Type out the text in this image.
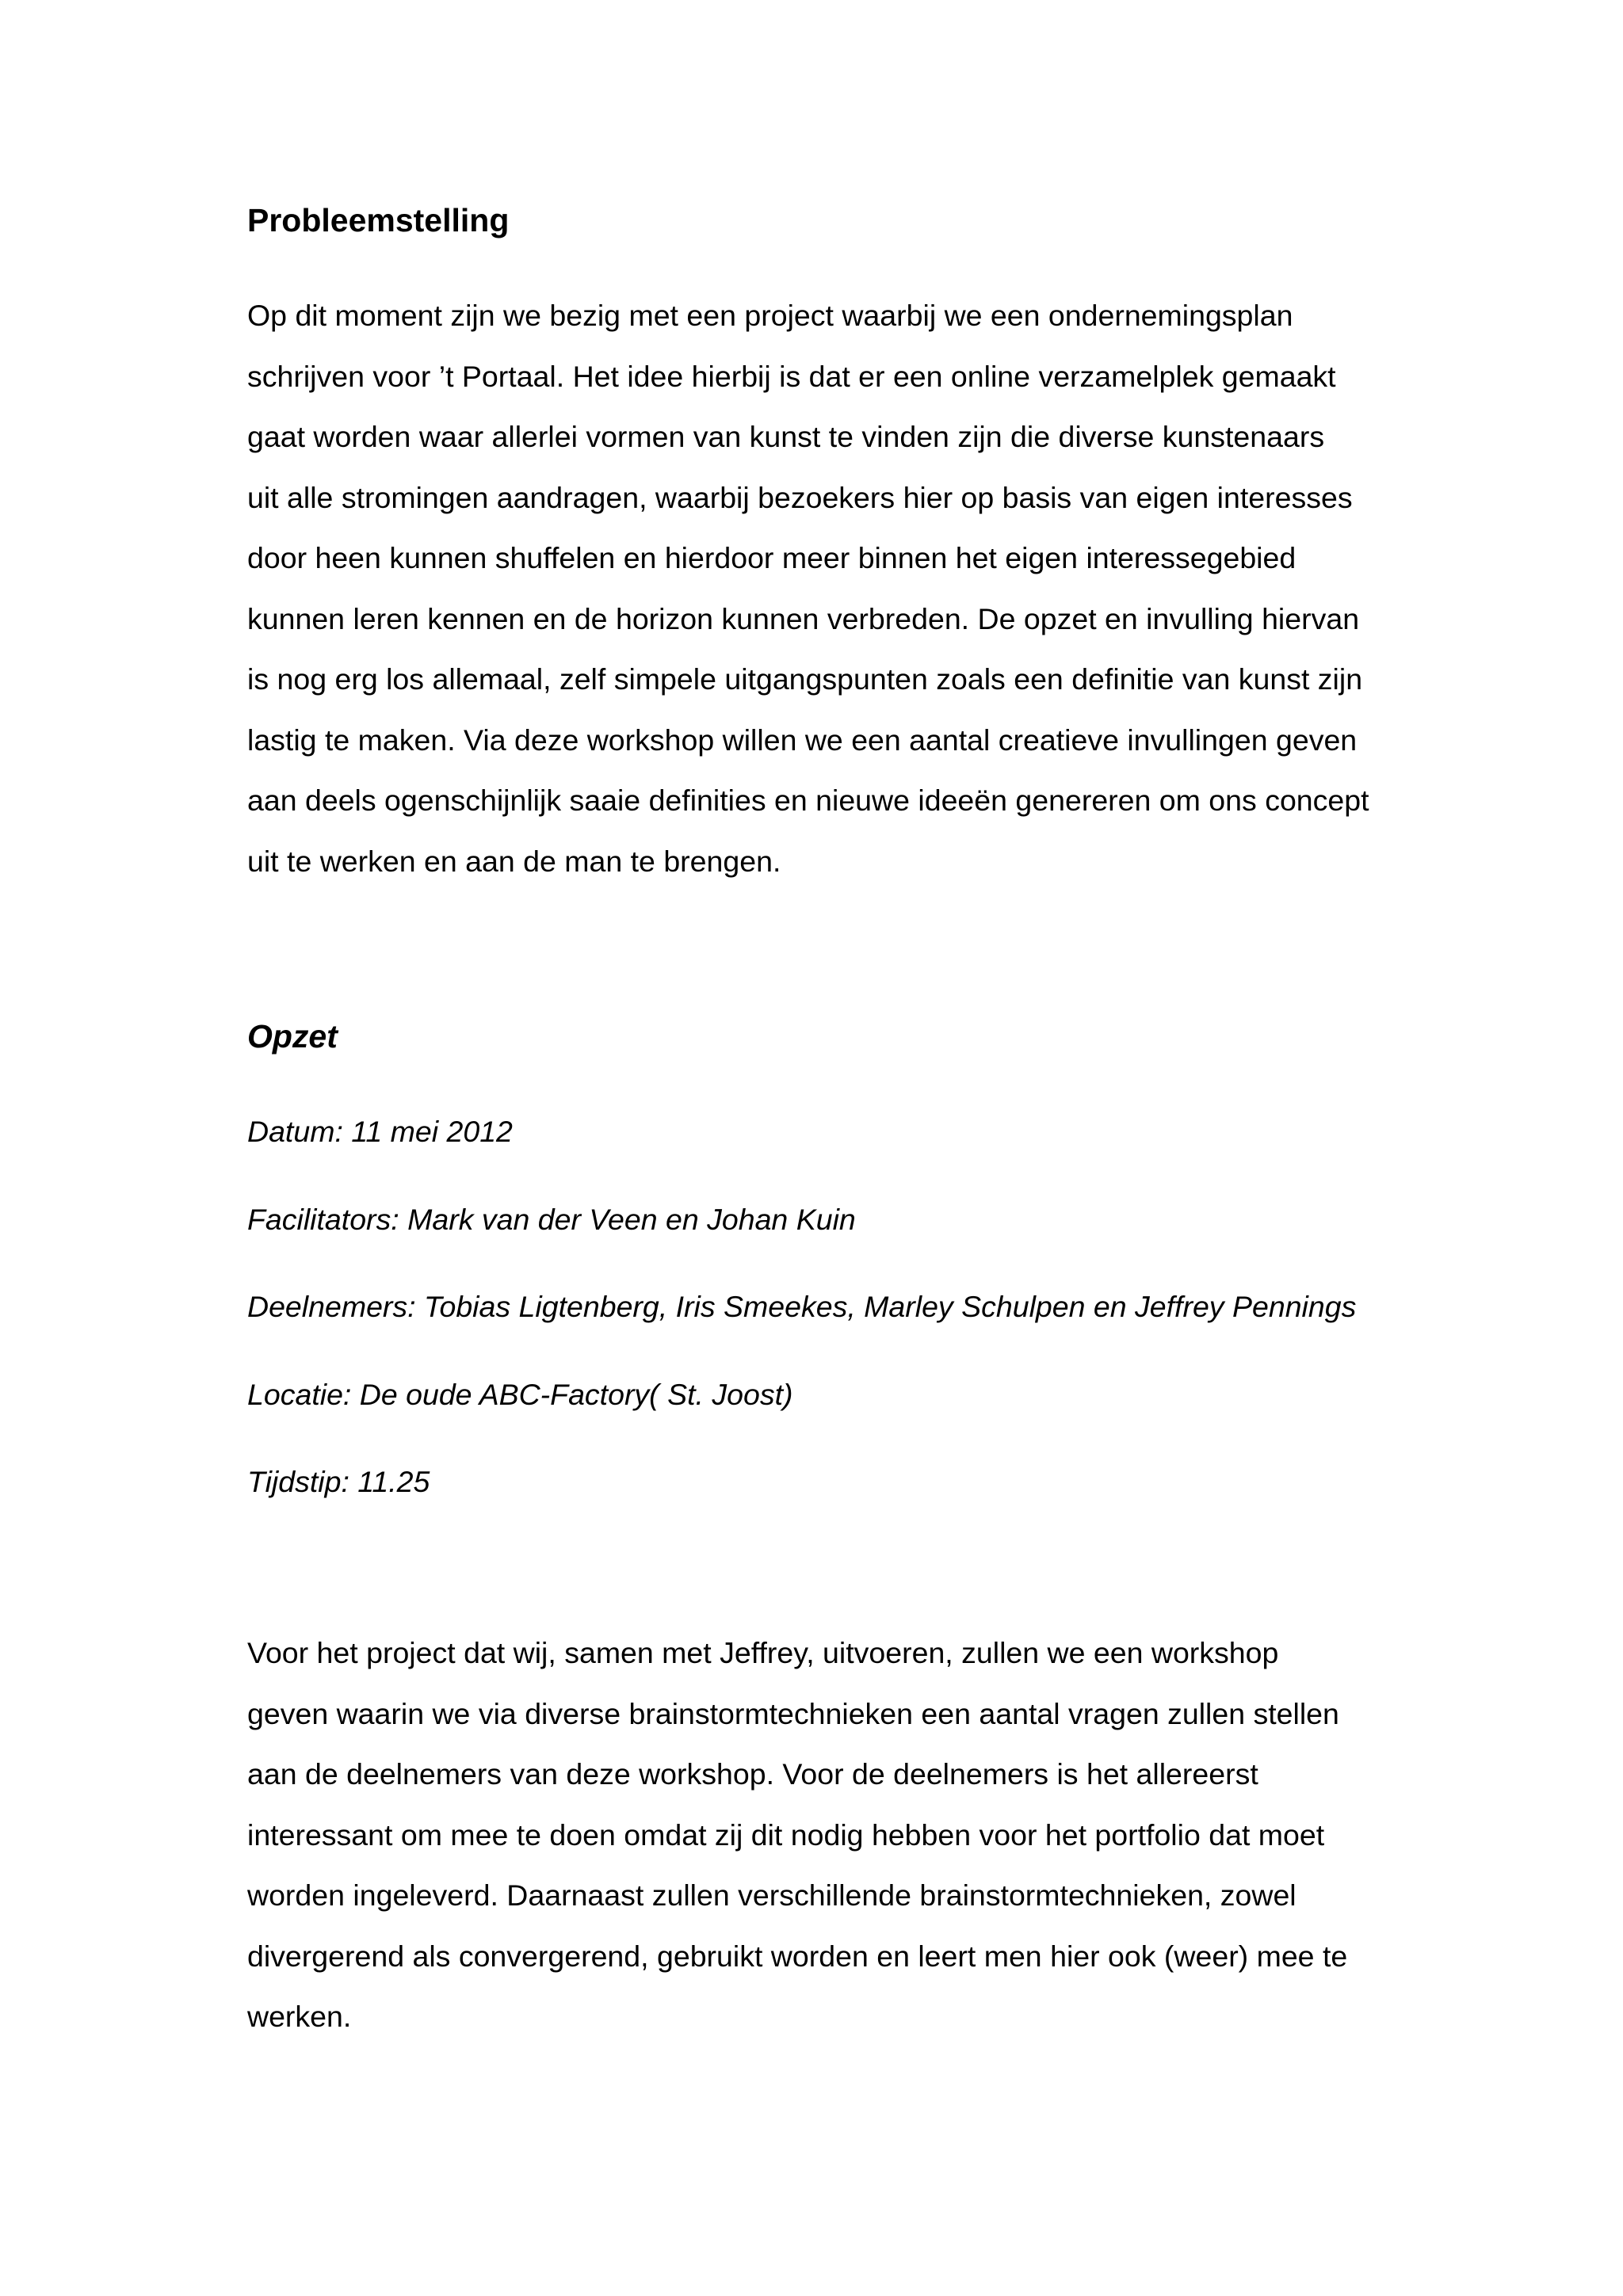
Probleemstelling
Op dit moment zijn we bezig met een project waarbij we een ondernemingsplan
schrijven voor ’t Portaal. Het idee hierbij is dat er een online verzamelplek gemaakt
gaat worden waar allerlei vormen van kunst te vinden zijn die diverse kunstenaars
uit alle stromingen aandragen, waarbij bezoekers hier op basis van eigen interesses
door heen kunnen shuffelen en hierdoor meer binnen het eigen interessegebied
kunnen leren kennen en de horizon kunnen verbreden. De opzet en invulling hiervan
is nog erg los allemaal, zelf simpele uitgangspunten zoals een definitie van kunst zijn
lastig te maken. Via deze workshop willen we een aantal creatieve invullingen geven
aan deels ogenschijnlijk saaie definities en nieuwe ideeën genereren om ons concept
uit te werken en aan de man te brengen.
Opzet
Datum: 11 mei 2012
Facilitators: Mark van der Veen en Johan Kuin
Deelnemers: Tobias Ligtenberg, Iris Smeekes, Marley Schulpen en Jeffrey Pennings
Locatie: De oude ABC-Factory( St. Joost)
Tijdstip: 11.25
Voor het project dat wij, samen met Jeffrey, uitvoeren, zullen we een workshop
geven waarin we via diverse brainstormtechnieken een aantal vragen zullen stellen
aan de deelnemers van deze workshop. Voor de deelnemers is het allereerst
interessant om mee te doen omdat zij dit nodig hebben voor het portfolio dat moet
worden ingeleverd. Daarnaast zullen verschillende brainstormtechnieken, zowel
divergerend als convergerend, gebruikt worden en leert men hier ook (weer) mee te
werken.
